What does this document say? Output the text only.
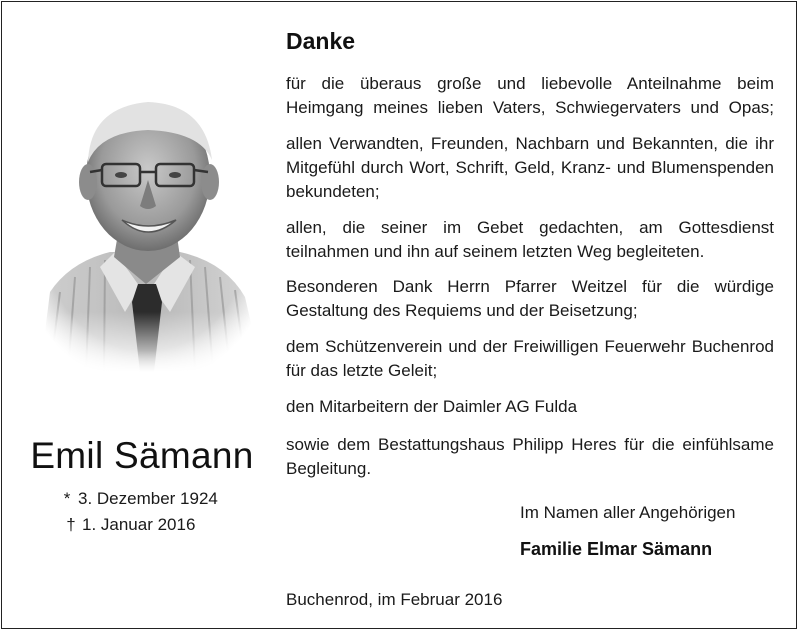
Emil Sämann
* 3. Dezember 1924
† 1. Januar 2016
Danke
für die überaus große und liebevolle Anteilnahme beim Heimgang meines lieben Vaters, Schwiegervaters und Opas;
allen Verwandten, Freunden, Nachbarn und Bekannten, die ihr Mitgefühl durch Wort, Schrift, Geld, Kranz- und Blumenspenden bekundeten;
allen, die seiner im Gebet gedachten, am Gottesdienst teilnahmen und ihn auf seinem letzten Weg begleiteten.
Besonderen Dank Herrn Pfarrer Weitzel für die würdige Gestaltung des Requiems und der Beisetzung;
dem Schützenverein und der Freiwilligen Feuerwehr Buchenrod für das letzte Geleit;
den Mitarbeitern der Daimler AG Fulda
sowie dem Bestattungshaus Philipp Heres für die einfühlsame Begleitung.
Im Namen aller Angehörigen
Familie Elmar Sämann
Buchenrod, im Februar 2016
